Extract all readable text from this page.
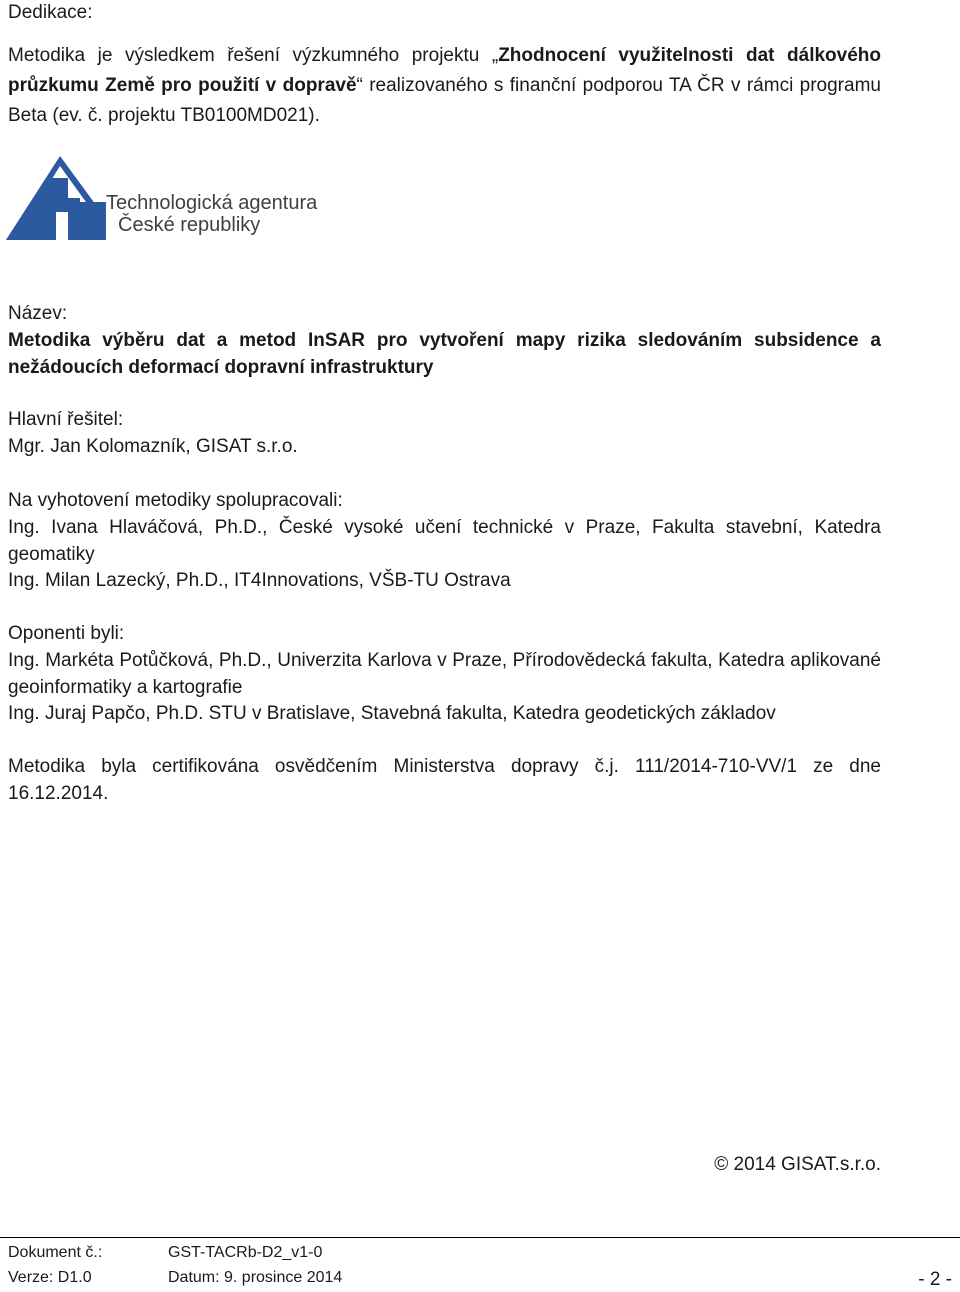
Dedikace:
Metodika je výsledkem řešení výzkumného projektu „Zhodnocení využitelnosti dat dálkového průzkumu Země pro použití v dopravě“ realizovaného s finanční podporou TA ČR v rámci programu Beta (ev. č. projektu TB0100MD021).
Technologická agentura
České republiky
Název:
Metodika výběru dat a metod InSAR pro vytvoření mapy rizika sledováním subsidence a nežádoucích deformací dopravní infrastruktury
Hlavní řešitel:
Mgr. Jan Kolomazník, GISAT s.r.o.
Na vyhotovení metodiky spolupracovali:
Ing. Ivana Hlaváčová, Ph.D., České vysoké učení technické v Praze, Fakulta stavební, Katedra geomatiky
Ing. Milan Lazecký, Ph.D., IT4Innovations, VŠB-TU Ostrava
Oponenti byli:
Ing. Markéta Potůčková, Ph.D., Univerzita Karlova v Praze, Přírodovědecká fakulta, Katedra aplikované geoinformatiky a kartografie
Ing. Juraj Papčo, Ph.D. STU v Bratislave, Stavebná fakulta, Katedra geodetických základov
Metodika byla certifikována osvědčením Ministerstva dopravy č.j. 111/2014-710-VV/1 ze dne 16.12.2014.
© 2014 GISAT.s.r.o.
Dokument č.:	GST-TACRb-D2_v1-0
Verze: D1.0	Datum: 9. prosince 2014	- 2 -
